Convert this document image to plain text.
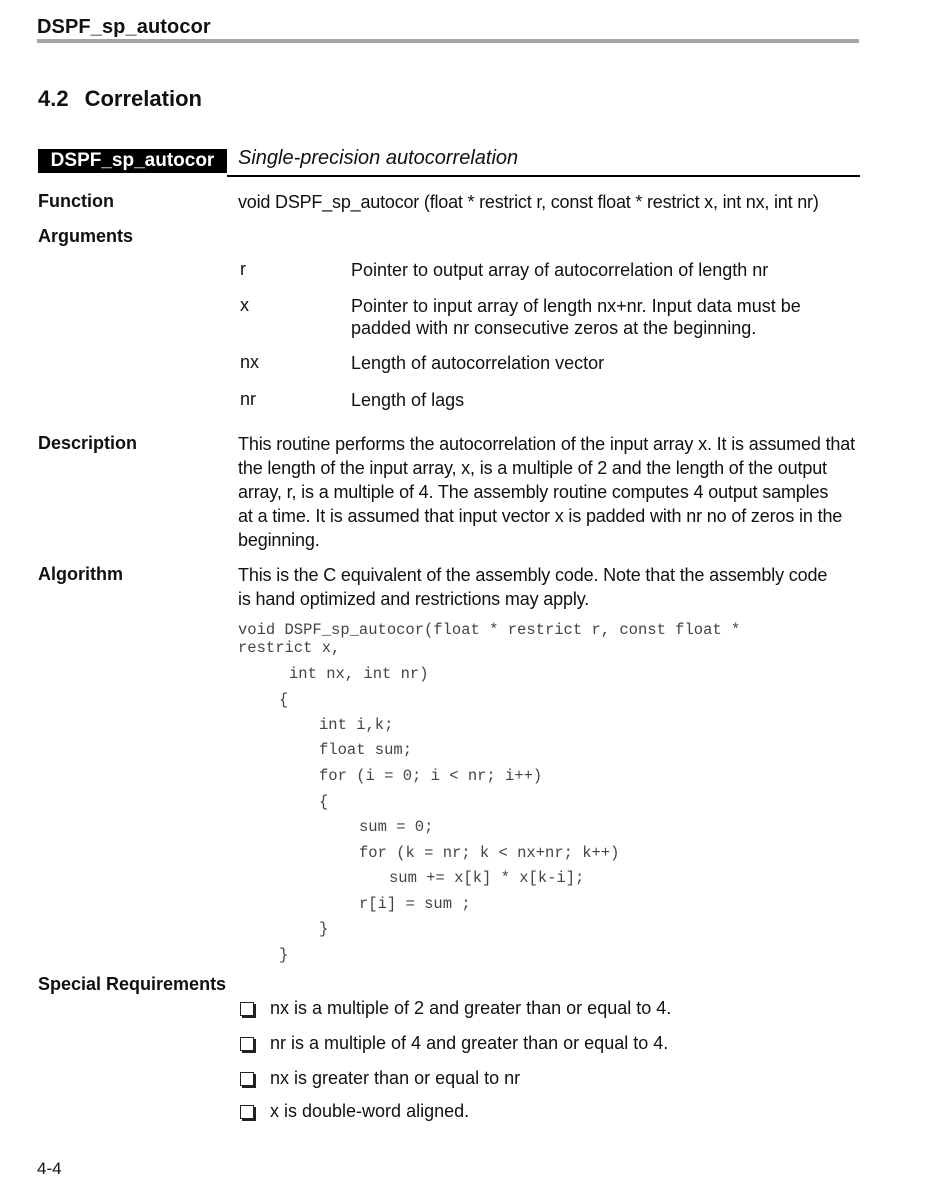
DSPF_sp_autocor
4.2 Correlation
DSPF_sp_autocor	Single-precision autocorrelation
Function	void DSPF_sp_autocor (float * restrict r, const float * restrict x, int nx, int nr)
Arguments
r	Pointer to output array of autocorrelation of length nr
x	Pointer to input array of length nx+nr. Input data must be padded with nr consecutive zeros at the beginning.
nx	Length of autocorrelation vector
nr	Length of lags
Description	This routine performs the autocorrelation of the input array x. It is assumed that
the length of the input array, x, is a multiple of 2 and the length of the output
array, r, is a multiple of 4. The assembly routine computes 4 output samples
at a time. It is assumed that input vector x is padded with nr no of zeros in the
beginning.
Algorithm	This is the C equivalent of the assembly code. Note that the assembly code
is hand optimized and restrictions may apply.
void DSPF_sp_autocor(float * restrict r, const float *
restrict x,
int nx, int nr)
{
int i,k;
float sum;
for (i = 0; i < nr; i++)
{
sum = 0;
for (k = nr; k < nx+nr; k++)
sum += x[k] * x[k-i];
r[i] = sum ;
}
}
Special Requirements
nx is a multiple of 2 and greater than or equal to 4.
nr is a multiple of 4 and greater than or equal to 4.
nx is greater than or equal to nr
x is double-word aligned.
4-4
